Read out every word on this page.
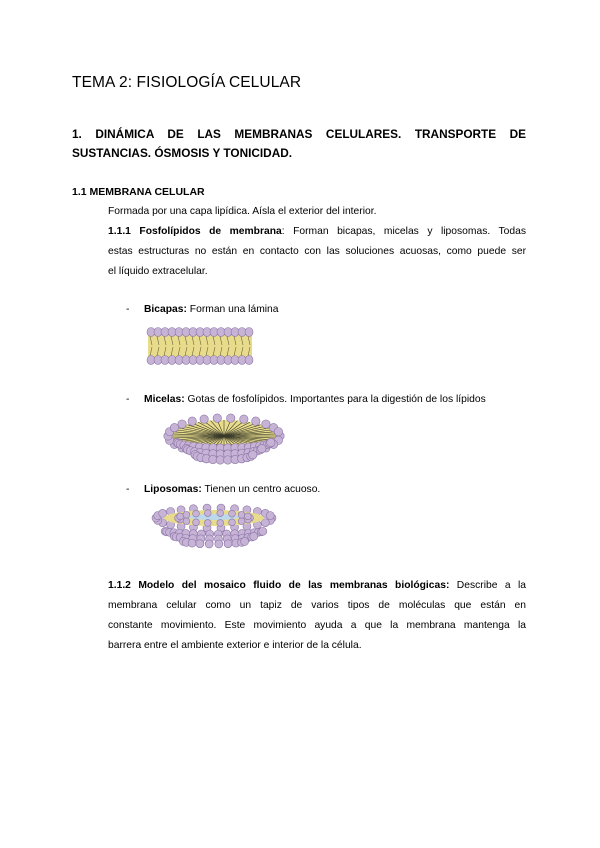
TEMA 2: FISIOLOGÍA CELULAR
1. DINÁMICA DE LAS MEMBRANAS CELULARES. TRANSPORTE DE
SUSTANCIAS. ÓSMOSIS Y TONICIDAD.
1.1 MEMBRANA CELULAR
Formada por una capa lipídica. Aísla el exterior del interior.
1.1.1 Fosfolípidos de membrana: Forman bicapas, micelas y liposomas. Todas
estas estructuras no están en contacto con las soluciones acuosas, como puede ser
el líquido extracelular.
- Bicapas: Forman una lámina
- Micelas: Gotas de fosfolípidos. Importantes para la digestión de los lípidos
- Liposomas: Tienen un centro acuoso.
1.1.2 Modelo del mosaico fluido de las membranas biológicas: Describe a la
membrana celular como un tapiz de varios tipos de moléculas que están en
constante movimiento. Este movimiento ayuda a que la membrana mantenga la
barrera entre el ambiente exterior e interior de la célula.
